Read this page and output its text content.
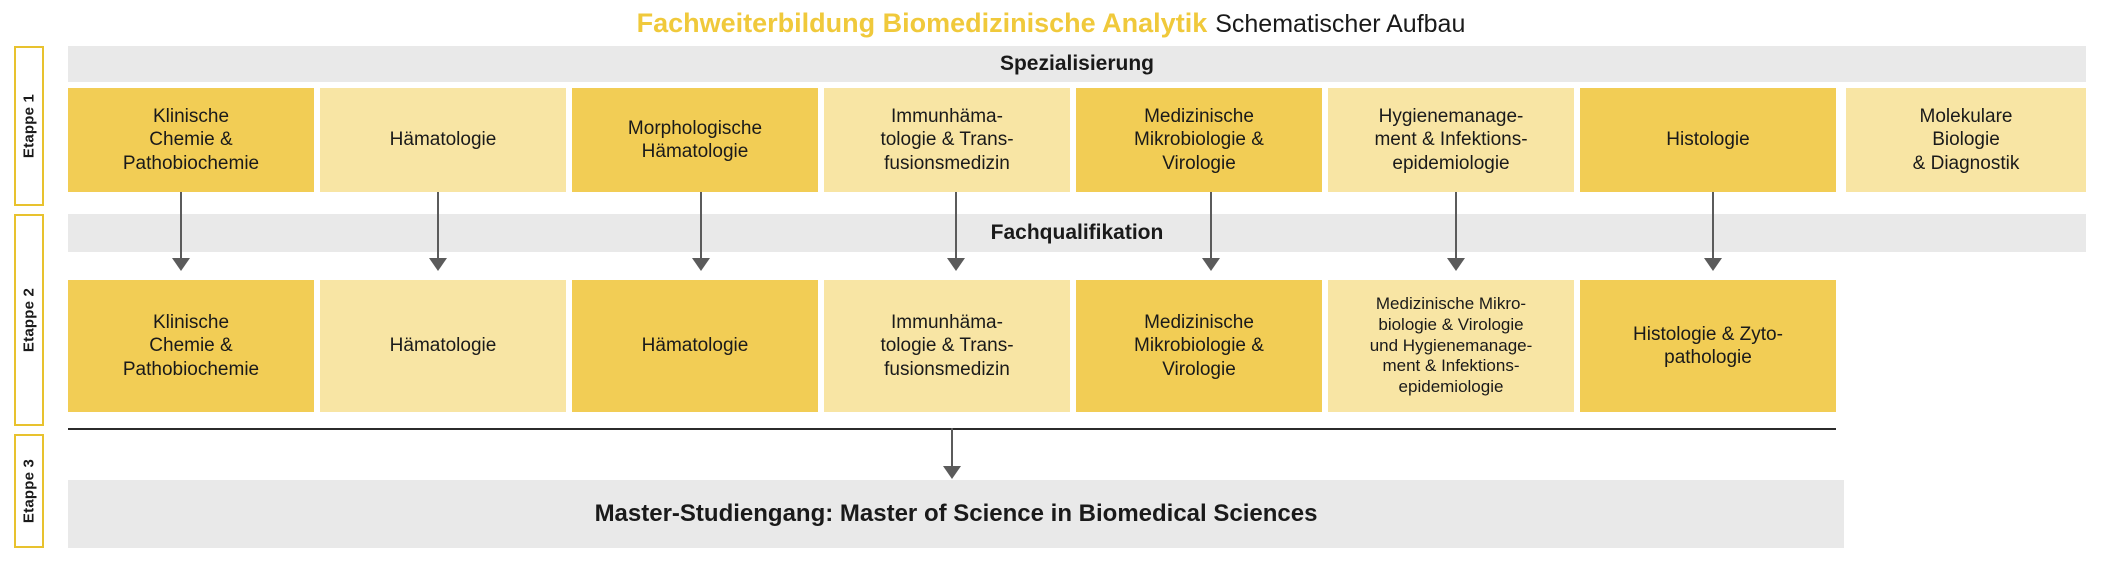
Fachweiterbildung Biomedizinische Analytik Schematischer Aufbau
Etappe 1
Etappe 2
Etappe 3
Spezialisierung
Klinische
Chemie &
Pathobiochemie
Hämatologie
Morphologische
Hämatologie
Immunhäma-
tologie & Trans-
fusionsmedizin
Medizinische
Mikrobiologie &
Virologie
Hygienemanage-
ment & Infektions-
epidemiologie
Histologie
Molekulare
Biologie
& Diagnostik
Fachqualifikation
Klinische
Chemie &
Pathobiochemie
Hämatologie	Hämatologie
Immunhäma-
tologie & Trans-
fusionsmedizin
Medizinische
Mikrobiologie &
Virologie
Medizinische Mikro-
biologie & Virologie
und Hygienemanage-
ment & Infektions-
epidemiologie
Histologie & Zyto-
pathologie
Master-Studiengang: Master of Science in Biomedical Sciences
